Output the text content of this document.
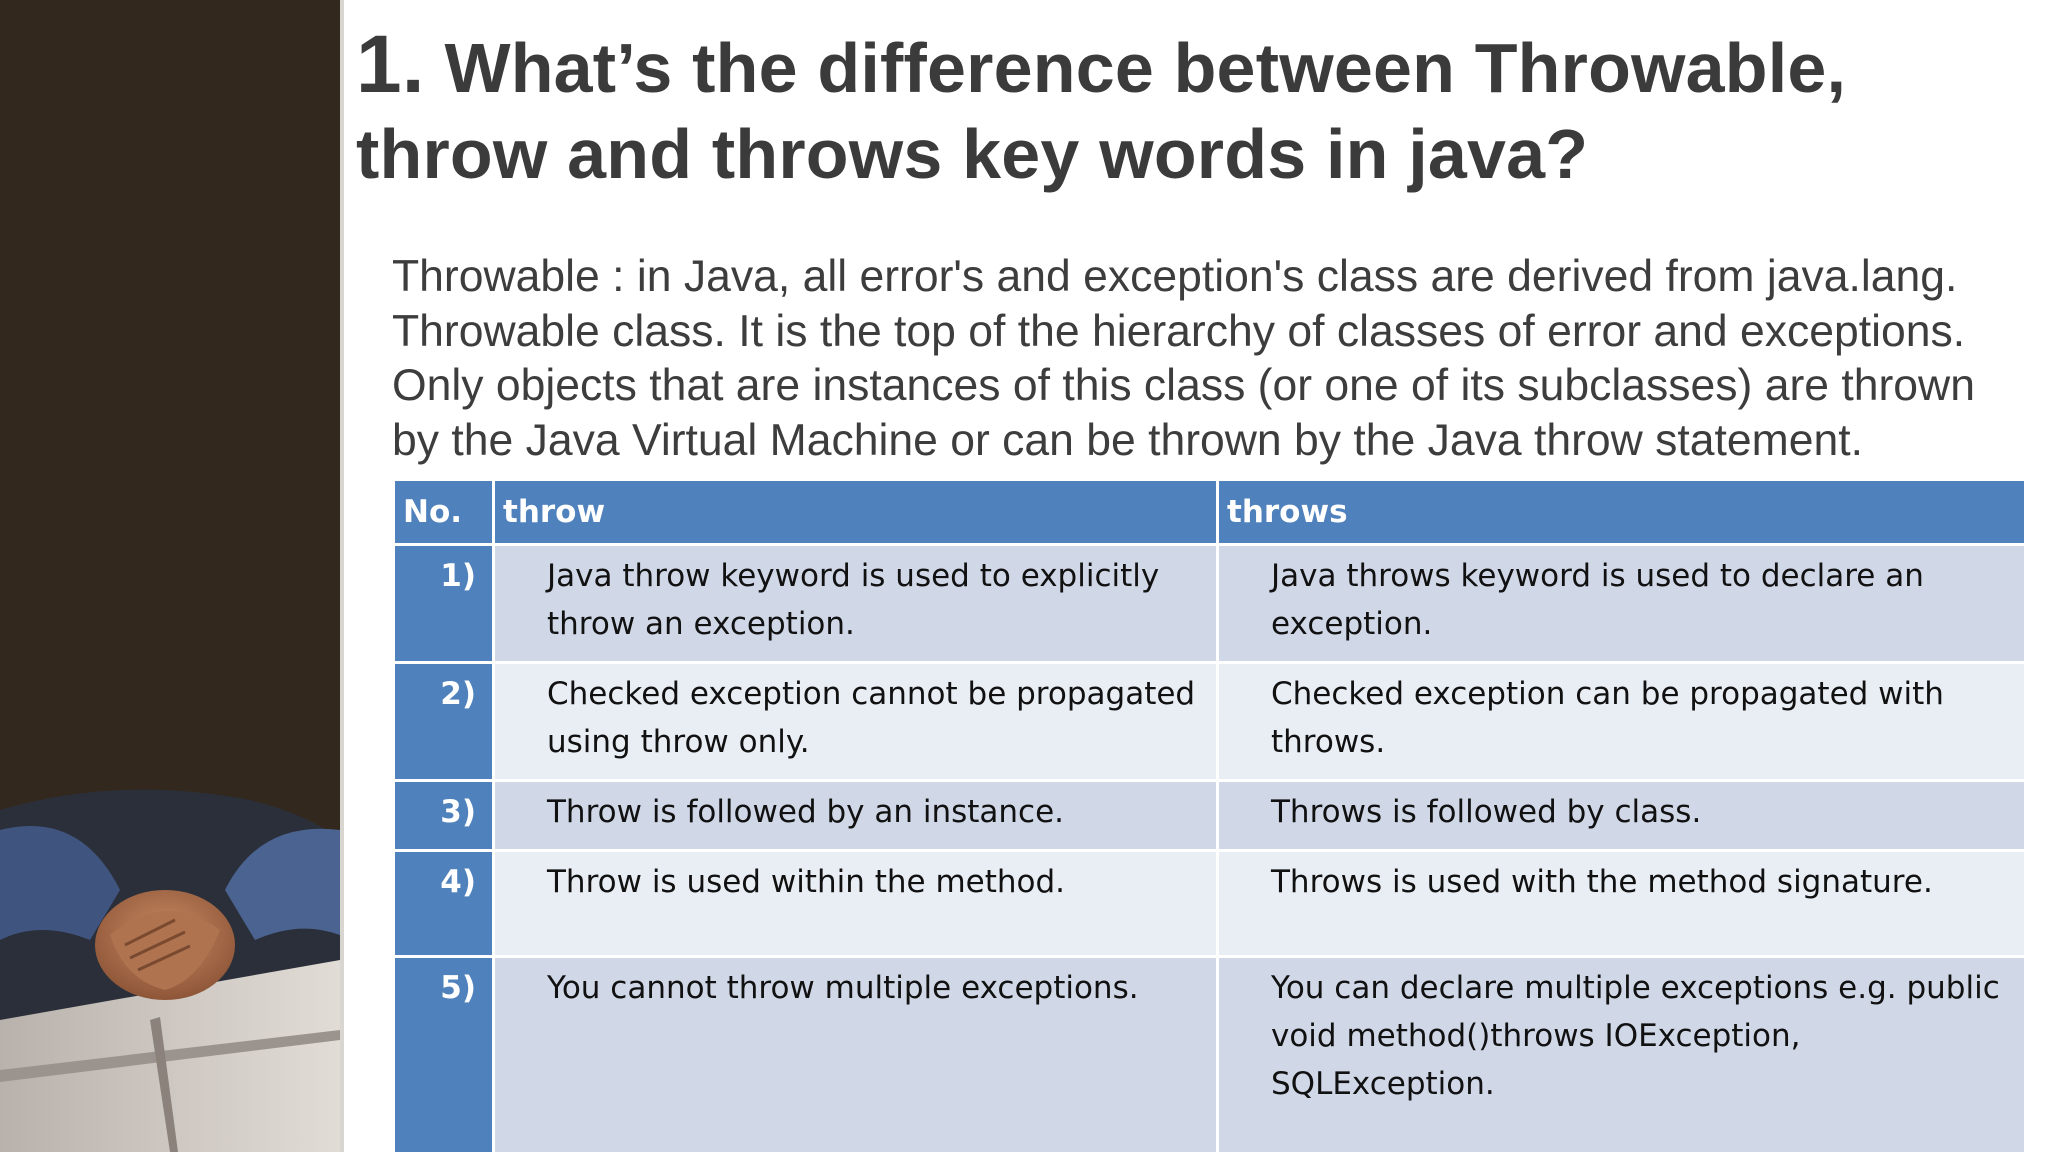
1. What’s the difference between Throwable, throw and throws key words in java?

Throwable : in Java, all error's and exception's class are derived from java.lang. Throwable class. It is the top of the hierarchy of classes of error and exceptions. Only objects that are instances of this class (or one of its subclasses) are thrown by the Java Virtual Machine or can be thrown by the Java throw statement.

No.	throw	throws
1)	Java throw keyword is used to explicitly throw an exception.	Java throws keyword is used to declare an exception.
2)	Checked exception cannot be propagated using throw only.	Checked exception can be propagated with throws.
3)	Throw is followed by an instance.	Throws is followed by class.
4)	Throw is used within the method.	Throws is used with the method signature.
5)	You cannot throw multiple exceptions.	You can declare multiple exceptions e.g. public void method()throws IOException, SQLException.
